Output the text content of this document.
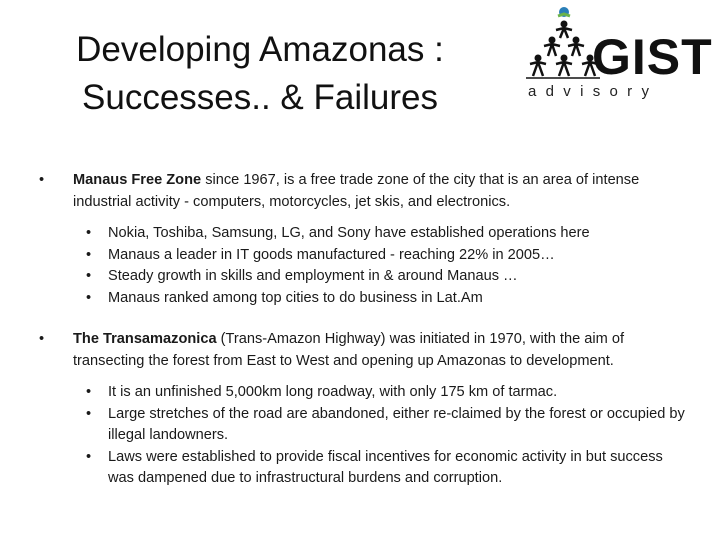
Developing Amazonas :
Successes.. & Failures
GIST
advisory
• Manaus Free Zone since 1967, is a free trade zone of the city that is an area of intense industrial activity - computers, motorcycles, jet skis, and electronics.
• Nokia, Toshiba, Samsung, LG, and Sony have established operations here
• Manaus a leader in IT goods manufactured - reaching 22% in 2005…
• Steady growth in skills and employment in & around Manaus …
• Manaus ranked among top cities to do business in Lat.Am
• The Transamazonica (Trans-Amazon Highway) was initiated in 1970, with the aim of transecting the forest from East to West and opening up Amazonas to development.
• It is an unfinished 5,000km long roadway, with only 175 km of tarmac.
• Large stretches of the road are abandoned, either re-claimed by the forest or occupied by illegal landowners.
• Laws were established to provide fiscal incentives for economic activity in but success was dampened due to infrastructural burdens and corruption.
